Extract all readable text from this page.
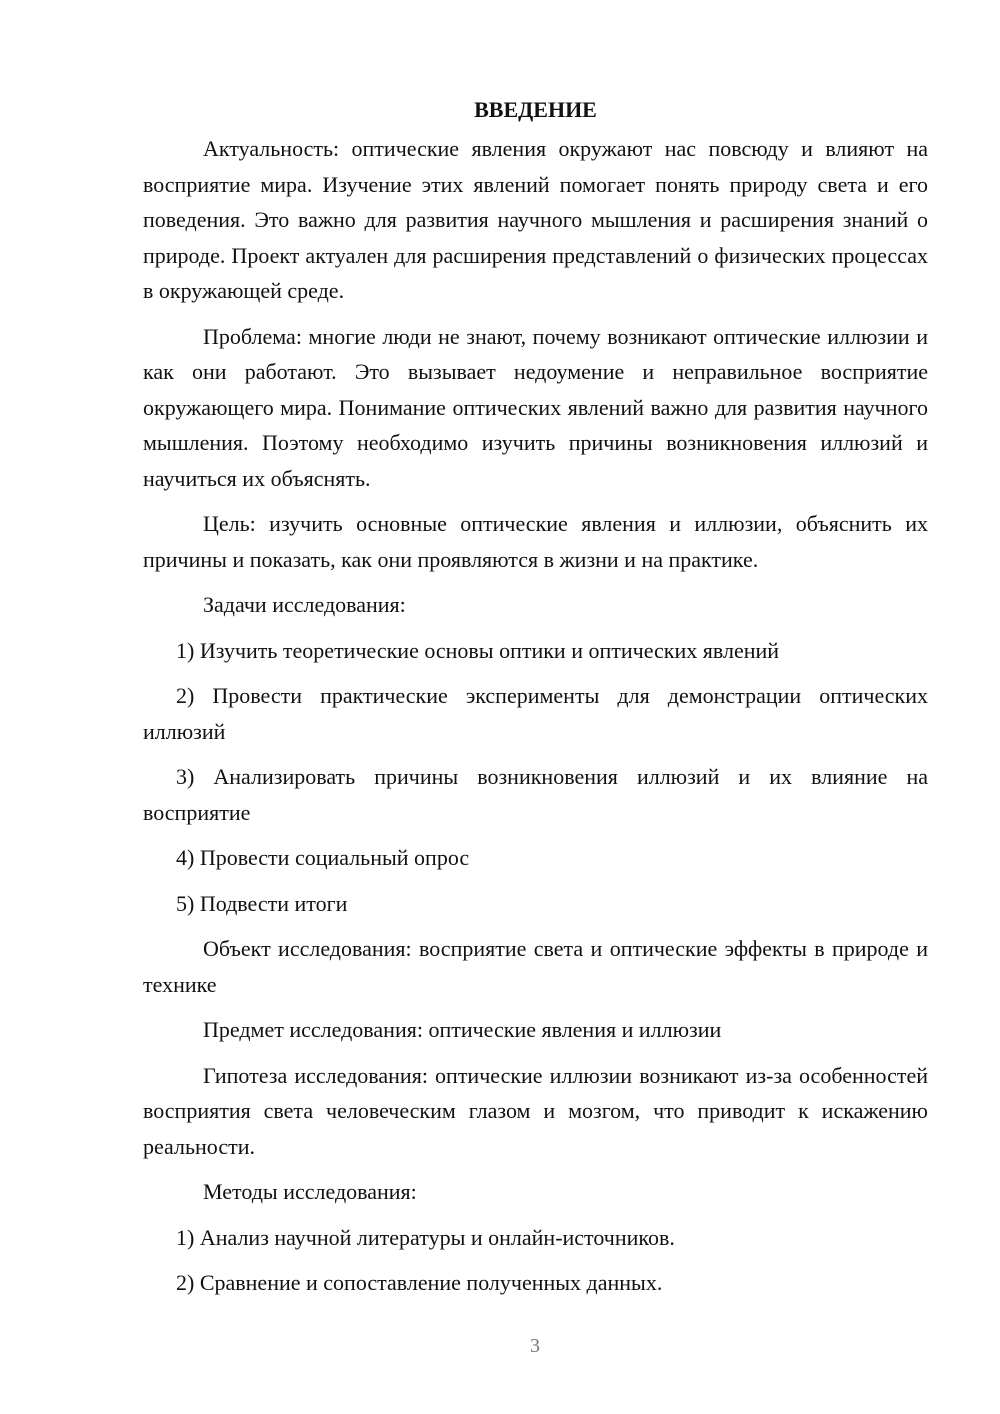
ВВЕДЕНИЕ

Актуальность: оптические явления окружают нас повсюду и влияют на восприятие мира. Изучение этих явлений помогает понять природу света и его поведения. Это важно для развития научного мышления и расширения знаний о природе. Проект актуален для расширения представлений о физических процессах в окружающей среде.

Проблема: многие люди не знают, почему возникают оптические иллюзии и как они работают. Это вызывает недоумение и неправильное восприятие окружающего мира. Понимание оптических явлений важно для развития научного мышления. Поэтому необходимо изучить причины возникновения иллюзий и научиться их объяснять.

Цель: изучить основные оптические явления и иллюзии, объяснить их причины и показать, как они проявляются в жизни и на практике.

Задачи исследования:

1) Изучить теоретические основы оптики и оптических явлений

2) Провести практические эксперименты для демонстрации оптических иллюзий

3) Анализировать причины возникновения иллюзий и их влияние на восприятие

4) Провести социальный опрос

5) Подвести итоги

Объект исследования: восприятие света и оптические эффекты в природе и технике

Предмет исследования: оптические явления и иллюзии

Гипотеза исследования: оптические иллюзии возникают из-за особенностей восприятия света человеческим глазом и мозгом, что приводит к искажению реальности.

Методы исследования:

1) Анализ научной литературы и онлайн-источников.

2) Сравнение и сопоставление полученных данных.

3
